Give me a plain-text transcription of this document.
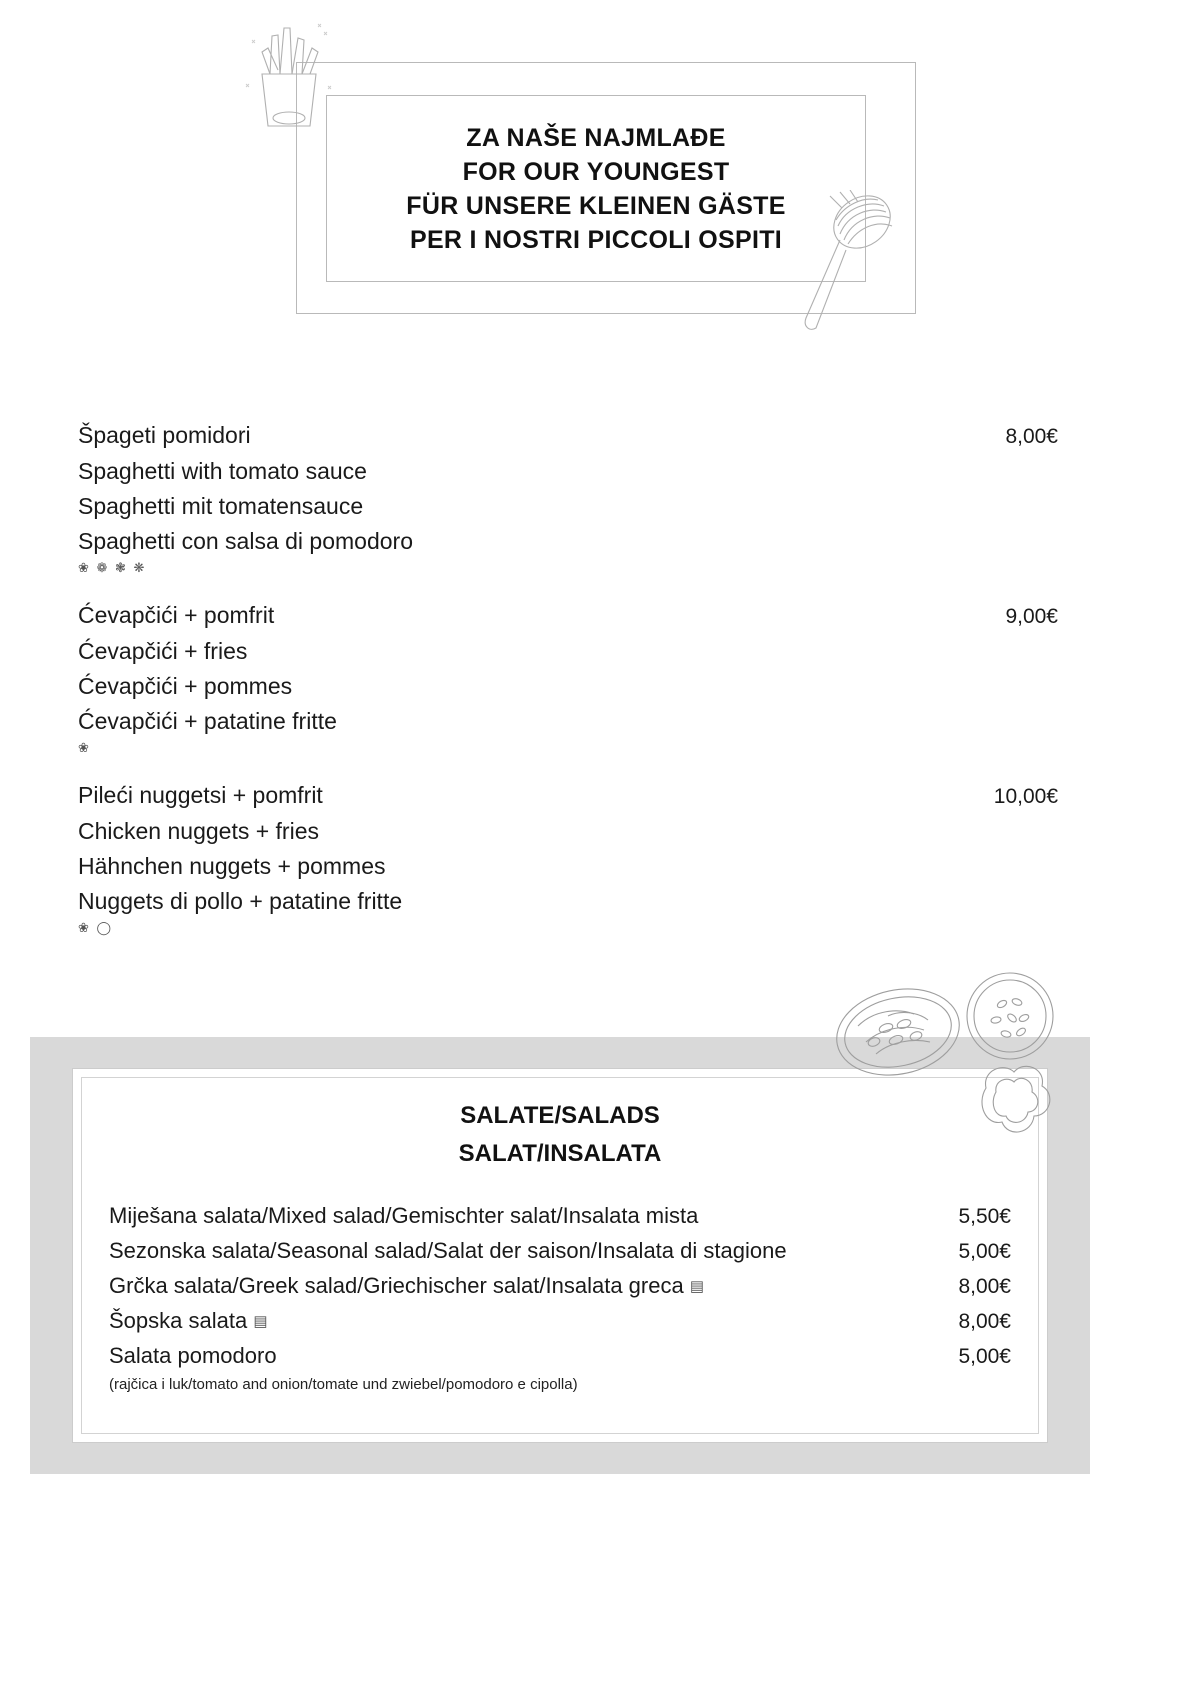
ZA NAŠE NAJMLAĐE
FOR OUR YOUNGEST
FÜR UNSERE KLEINEN GÄSTE
PER I NOSTRI PICCOLI OSPITI
Špageti pomidori	8,00€
Spaghetti with tomato sauce
Spaghetti mit tomatensauce
Spaghetti con salsa di pomodoro
❀ ❁ ❃ ❋
Ćevapčići + pomfrit	9,00€
Ćevapčići + fries
Ćevapčići + pommes
Ćevapčići + patatine fritte
❀
Pileći nuggetsi + pomfrit	10,00€
Chicken nuggets + fries
Hähnchen nuggets + pommes
Nuggets di pollo + patatine fritte
❀ ◯
SALATE/SALADS
SALAT/INSALATA
Miješana salata/Mixed salad/Gemischter salat/Insalata mista	5,50€
Sezonska salata/Seasonal salad/Salat der saison/Insalata di stagione	5,00€
Grčka salata/Greek salad/Griechischer salat/Insalata greca ▤	8,00€
Šopska salata ▤	8,00€
Salata pomodoro	5,00€
(rajčica i luk/tomato and onion/tomate und zwiebel/pomodoro e cipolla)
